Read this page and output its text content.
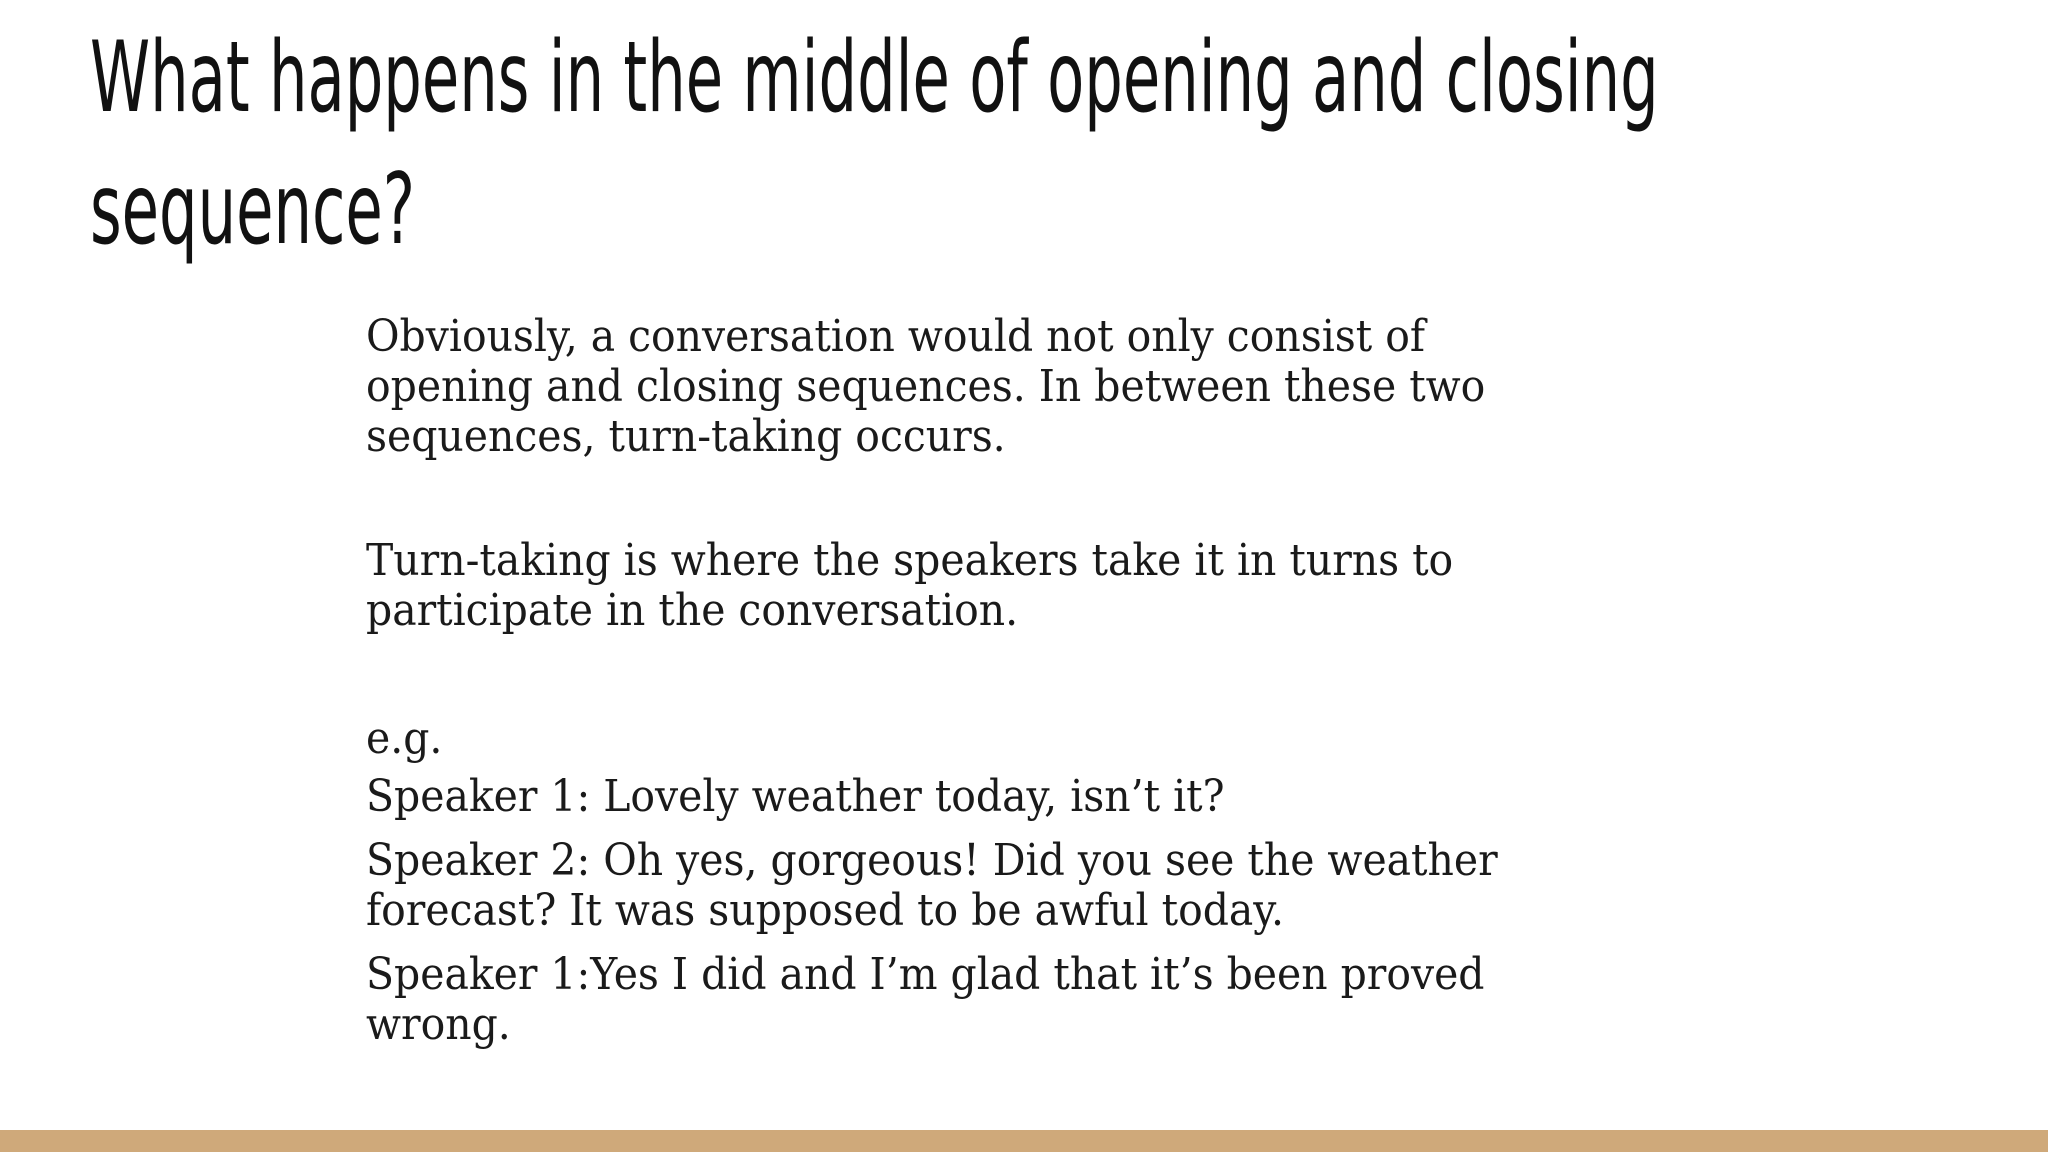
What happens in the middle of opening and closing sequence?

Obviously, a conversation would not only consist of opening and closing sequences. In between these two sequences, turn-taking occurs.

Turn-taking is where the speakers take it in turns to participate in the conversation.

e.g.

Speaker 1: Lovely weather today, isn’t it?

Speaker 2: Oh yes, gorgeous! Did you see the weather forecast? It was supposed to be awful today.

Speaker 1:Yes I did and I’m glad that it’s been proved wrong.
